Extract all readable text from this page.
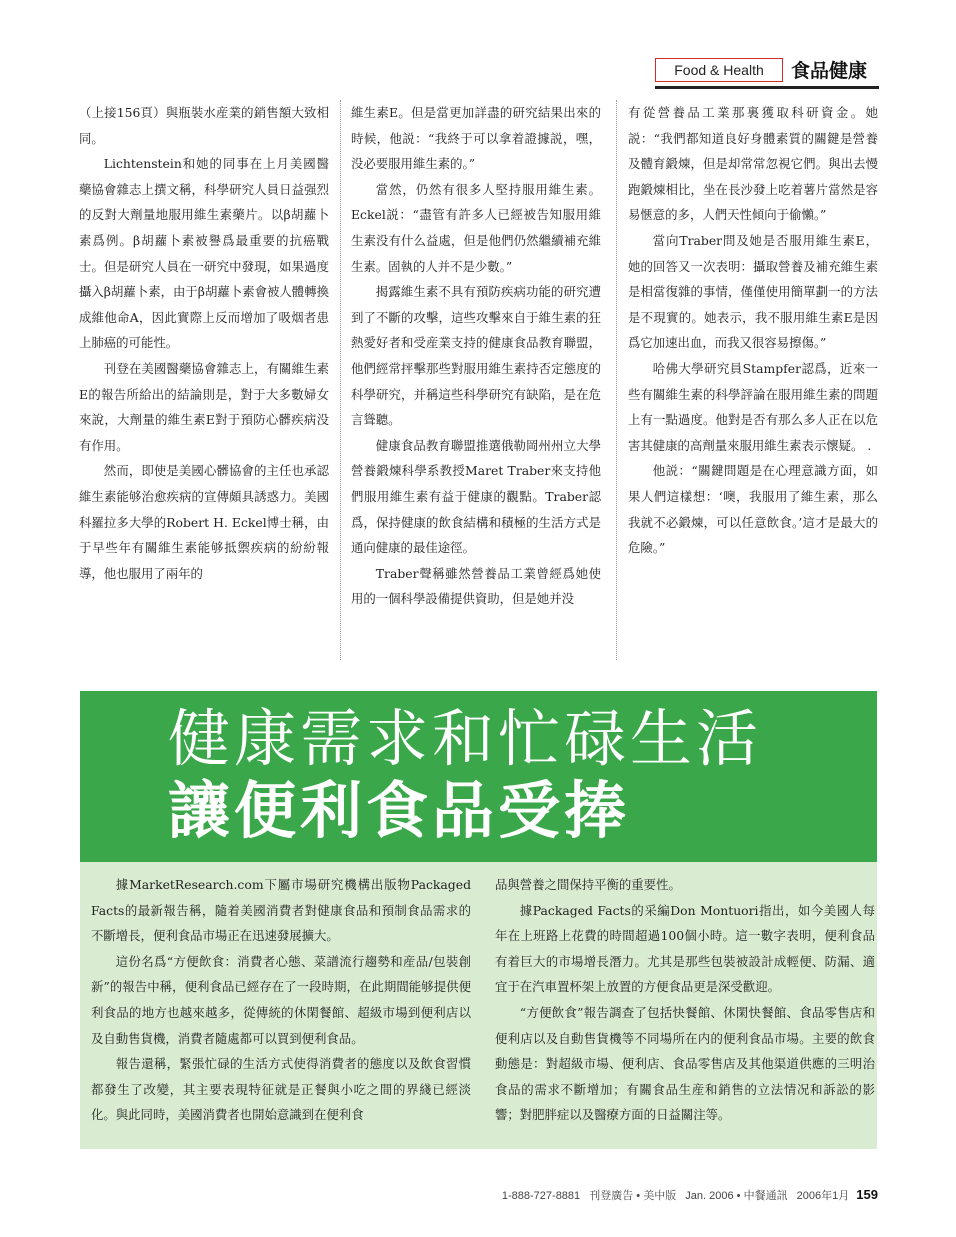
Food & Health	食品健康

（上接156頁）與瓶裝水産業的銷售額大致相同。

Lichtenstein和她的同事在上月美國醫藥協會雜志上撰文稱，科學研究人員日益强烈的反對大劑量地服用維生素藥片。以β胡蘿卜素爲例。β胡蘿卜素被譽爲最重要的抗癌戰士。但是研究人員在一研究中發現，如果過度攝入β胡蘿卜素，由于β胡蘿卜素會被人體轉換成維他命A，因此實際上反而增加了吸烟者患上肺癌的可能性。

刊登在美國醫藥協會雜志上，有關維生素E的報告所給出的結論則是，對于大多數婦女來說，大劑量的維生素E對于預防心髒疾病没有作用。

然而，即使是美國心髒協會的主任也承認維生素能够治愈疾病的宣傳頗具誘惑力。美國科羅拉多大學的Robert H. Eckel博士稱，由于早些年有關維生素能够抵禦疾病的紛紛報導，他也服用了兩年的

維生素E。但是當更加詳盡的研究結果出來的時候，他説：“我終于可以拿着證據説，嘿，没必要服用維生素的。”

當然，仍然有很多人堅持服用維生素。Eckel説：“盡管有許多人已經被告知服用維生素没有什么益處，但是他們仍然繼續補充維生素。固執的人并不是少數。”

揭露維生素不具有預防疾病功能的研究遭到了不斷的攻擊，這些攻擊來自于維生素的狂熱愛好者和受産業支持的健康食品教育聯盟，他們經常抨擊那些對服用維生素持否定態度的科學研究，并稱這些科學研究有缺陷，是在危言聳聽。

健康食品教育聯盟推選俄勒岡州州立大學營養鍛煉科學系教授Maret Traber來支持他們服用維生素有益于健康的觀點。Traber認爲，保持健康的飲食結構和積極的生活方式是通向健康的最佳途徑。

Traber聲稱雖然營養品工業曾經爲她使用的一個科學設備提供資助，但是她并没

有從營養品工業那裏獲取科研資金。她説：“我們都知道良好身體素質的關鍵是營養及體育鍛煉，但是却常常忽視它們。與出去慢跑鍛煉相比，坐在長沙發上吃着薯片當然是容易愜意的多，人們天性傾向于偷懶。”

當向Traber問及她是否服用維生素E，她的回答又一次表明：攝取營養及補充維生素是相當復雜的事情，僅僅使用簡單劃一的方法是不現實的。她表示，我不服用維生素E是因爲它加速出血，而我又很容易擦傷。”

哈佛大學研究員Stampfer認爲，近來一些有關維生素的科學評論在服用維生素的問題上有一點過度。他對是否有那么多人正在以危害其健康的高劑量來服用維生素表示懷疑。 .

他説：“關鍵問題是在心理意識方面，如果人們這樣想：‘噢，我服用了維生素，那么我就不必鍛煉，可以任意飲食。’這才是最大的危險。”

健康需求和忙碌生活
讓便利食品受捧

據MarketResearch.com下屬市場研究機構出版物Packaged Facts的最新報告稱，隨着美國消費者對健康食品和預制食品需求的不斷增長，便利食品市場正在迅速發展擴大。

這份名爲“方便飲食：消費者心態、菜譜流行趨勢和産品/包裝創新”的報告中稱，便利食品已經存在了一段時期，在此期間能够提供便利食品的地方也越來越多，從傳統的休閑餐館、超級市場到便利店以及自動售貨機，消費者隨處都可以買到便利食品。

報告還稱，緊張忙碌的生活方式使得消費者的態度以及飲食習慣都發生了改變，其主要表現特征就是正餐與小吃之間的界綫已經淡化。與此同時，美國消費者也開始意識到在便利食

品與營養之間保持平衡的重要性。

據Packaged Facts的采編Don Montuori指出，如今美國人每年在上班路上花費的時間超過100個小時。這一數字表明，便利食品有着巨大的市場增長潛力。尤其是那些包裝被設計成輕便、防漏、適宜于在汽車置杯架上放置的方便食品更是深受歡迎。

“方便飲食”報告調查了包括快餐館、休閑快餐館、食品零售店和便利店以及自動售貨機等不同場所在内的便利食品市場。主要的飲食動態是：對超級市場、便利店、食品零售店及其他渠道供應的三明治食品的需求不斷增加；有關食品生産和銷售的立法情况和訴訟的影響；對肥胖症以及醫療方面的日益關注等。

1-888-727-8881 刊登廣告 • 美中版 Jan. 2006 • 中餐通訊 2006年1月 159
